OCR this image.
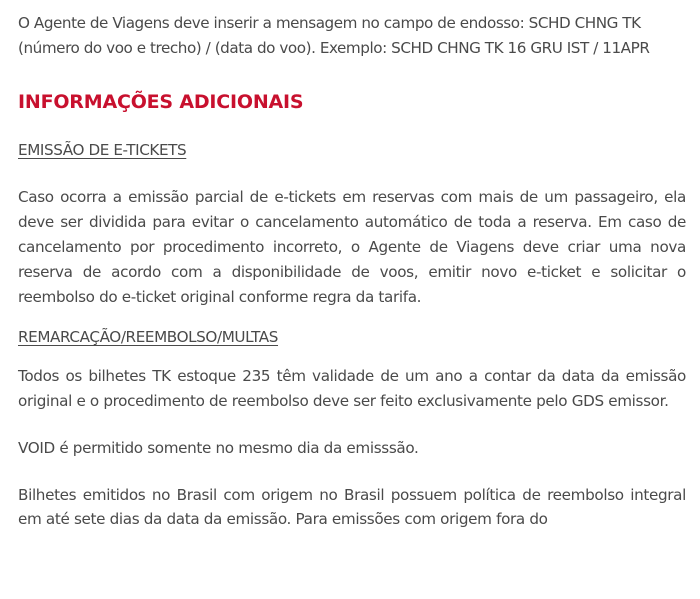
O Agente de Viagens deve inserir a mensagem no campo de endosso: SCHD CHNG TK (número do voo e trecho) / (data do voo). Exemplo: SCHD CHNG TK 16 GRU IST / 11APR

INFORMAÇÕES ADICIONAIS

EMISSÃO DE E-TICKETS

Caso ocorra a emissão parcial de e-tickets em reservas com mais de um passageiro, ela deve ser dividida para evitar o cancelamento automático de toda a reserva. Em caso de cancelamento por procedimento incorreto, o Agente de Viagens deve criar uma nova reserva de acordo com a disponibilidade de voos, emitir novo e-ticket e solicitar o reembolso do e-ticket original conforme regra da tarifa.

REMARCAÇÃO/REEMBOLSO/MULTAS

Todos os bilhetes TK estoque 235 têm validade de um ano a contar da data da emissão original e o procedimento de reembolso deve ser feito exclusivamente pelo GDS emissor.

VOID é permitido somente no mesmo dia da emisssão.

Bilhetes emitidos no Brasil com origem no Brasil possuem política de reembolso integral em até sete dias da data da emissão. Para emissões com origem fora do
